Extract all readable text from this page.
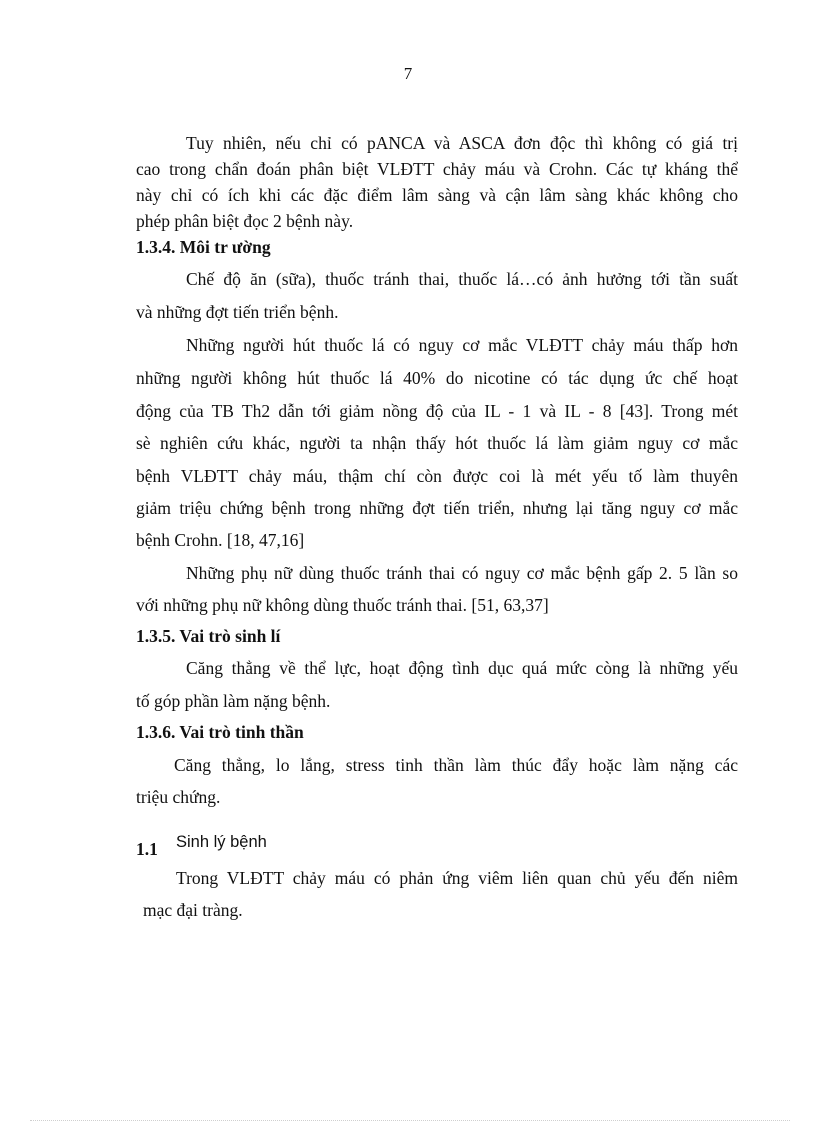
7
Tuy nhiên, nếu chỉ có pANCA và ASCA đơn độc thì không có giá trị
cao trong chẩn đoán phân biệt VLĐTT chảy máu và Crohn. Các tự kháng thể
này chỉ có ích khi các đặc điểm lâm sàng và cận lâm sàng khác không cho
phép phân biệt đọc 2 bệnh này.
1.3.4. Môi tr ường
Chế độ ăn (sữa), thuốc tránh thai, thuốc lá…có ảnh hưởng tới tần suất
và những đợt tiến triển bệnh.
Những người hút thuốc lá có nguy cơ mắc VLĐTT chảy máu thấp hơn
những người không hút thuốc lá 40% do nicotine có tác dụng ức chế hoạt
động của TB Th2 dẫn tới giảm nồng độ của IL - 1 và IL - 8 [43]. Trong mét
sè nghiên cứu khác, người ta nhận thấy hót thuốc lá làm giảm nguy cơ mắc
bệnh VLĐTT chảy máu, thậm chí còn được coi là mét yếu tố làm thuyên
giảm triệu chứng bệnh trong những đợt tiến triển, nhưng lại tăng nguy cơ mắc
bệnh Crohn. [18, 47,16]
Những phụ nữ dùng thuốc tránh thai có nguy cơ mắc bệnh gấp 2. 5 lần so
với những phụ nữ không dùng thuốc tránh thai. [51, 63,37]
1.3.5. Vai trò sinh lí
Căng thẳng về thể lực, hoạt động tình dục quá mức còng là những yếu
tố góp phần làm nặng bệnh.
1.3.6. Vai trò tinh thần
Căng thẳng, lo lắng, stress tinh thần làm thúc đẩy hoặc làm nặng các
triệu chứng.
1.1 Sinh lý bệnh
Trong VLĐTT chảy máu có phản ứng viêm liên quan chủ yếu đến niêm
mạc đại tràng.
